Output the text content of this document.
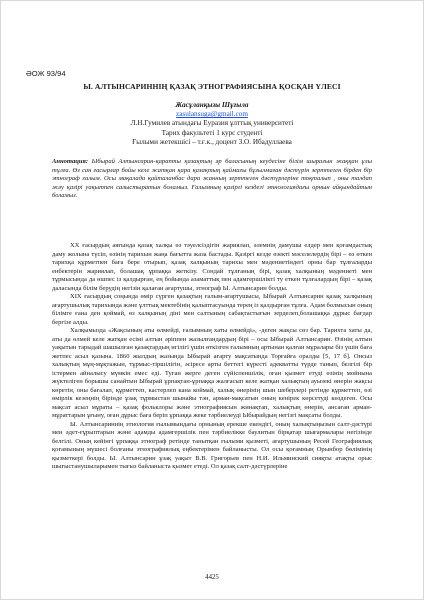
ӘОЖ 93/94
Ы. АЛТЫНСАРИННІҢ ҚАЗАҚ ЭТНОГРАФИЯСЫНА ҚОСҚАН ҮЛЕСІ
Жасұланқызы Шұғыла
zasulansuga@gmail.com
Л.Н.Гумилев атындағы Еуразия ұлттық университеті
Тарих факультеті 1 курс студенті
Ғылыми жетекшісі – т.ғ.к., доцент З.О. Ибадуллаева
Аннотация: Ыбырай Алтынсарин-қарапты қазақтың әр баласының кеудесіне білім шырағын жаққан ұлы тұлға. Өз сан ғасырлар бойы келе жатқан қара қазақтың қаймағы бұзылмаған дәстүрін зерттеген бірден бір этнограф ғалым. Осы мақалада қайталанбас дара жанның зерттеген дәстүрлерінe тоқталып , оны талдап жәу қазірі уақытпен салыстыратын боламыз. Ғалымның қазіргі кездегі этнологиядағы орнын айқындайтын боламыз.

XX ғасырдың аяғында қазақ халқы өз тәуелсіздігін жариялап, әлемнің дамушы елдер мен қоғамдастық даму жолына түсіп, өзінің тарихын жаңа бағытта жаза бастады. Қазіргі кезде өзекті мәселелердің бірі – өз өткен тарихқа құрметпен баға бере отырып, қазақ халқының тарихы мен мәдениетіндегі орны бар тұлғаларды енбектерін жариялап, болашақ ұрпаққа жеткізу. Сондай тұлғаның бірі, қазақ халқының мәдениеті мен тұрмысында да өшпес із қалдырған, ең бойында азаматтық пен адамгершілікті ту еткен тұлғалардың бірі – қазақ даласында білім берудің негізін қалаған ағартушы, этнограф Ы. Алтынсарин болды.

XIX ғасырдың соңында өмір сүрген қазақтың ғалым-ағартушысы, Ыбырай Алтынсарин қазақ халқының ағартушылық тарихында және ұлттық мектебінің қалыптасуында терең із қалдырған тұлға. Адам болмысын оның білімге ғана ден қоймай, өз халқының діні мен салтының сабақтастығын зерделеп,болашаққа дұрыс бағдар бергізе алды.

Халқымызда «Жақсының аты өлмейді, ғалымның хаты өлмейді», -деген жақсы сөз бар. Тарихта хаты да, аты да өлмей келе жатқан есімі алтын әріппен жазылғандардың бірі – осы Ыбырай Алтынсарин. Өзінің алтын уақытын тарыдай шашылған қазақтардың игілігі үшін өткізген ғалымның артынан қалған мұралары біз үшін баға жетпес асыл қазына. 1860 жылдың жазында Ыбырай ағарту мақсатында Торғайға оралды [5, 17 б]. Онсыз халықтың мұң-мұқтажын, тұрмыс-тіршілігін, әсіресе арты беттегі күрестi адекватты түрде танып, белгілі бір істермен айналысу мүмкін емес еді. Туған жерге деген сүйіспеншілік, оған қызмет етуді өзінің мойнына жүктеліген борышы санайтын Ыбырай ұрпақтан-ұрпаққа жалғасып келе жатқан халықтың ауызекі өнерін жақсы көретін, оны бағалап, құрметтеп, кастерлеп кана коймай, халық өнерінің шын шеберлері ретінде құрметтеп, өзі өмірлік кезеңнің бірінде ұзақ тұрмыстан шынайы тән, арман-мақсатын оның кенірек көрсетуді көздеген. Осы мақсат асыл мұраты – қазақ фольклоры және этнографиясын жинақтап, халықтың өнерін, ансаған арман-мұраттарын ұғыну, оған дұрыс баға беріп ұрпаққа жеке тәрбиелеуді Ыбырайдың негізгі мақсаты болды.

Ы. Алтынсариннің этнология ғылымындағы орнының ерекше екендігі, оның халықтыңызын салт-дәстүрі мен әдет-ғұрыптарын және адамды адамгершілік пен тәрбиелікке баулитын бірқатар шығармалары негізінде белгілі. Оның кейінгі ұрпаққа этнограф ретінде танытқан ғылыми қызметі, ағартушының Ресей Географиялық қоғамының мүшесі болғаны этнографиялық еңбектерімен байланысты. Ол осы қоғамның Орынбор бөлімінің қызметкері болды. Ы. Алтынсарин ұзақ уақыт В.В. Григорьев пен Н.И. Ильминский сияқты атақты орыс шығыстанушыларымен тығыз байланыста қызмет етеді. Ол қазақ салт-дәстүрлеріне

4425
